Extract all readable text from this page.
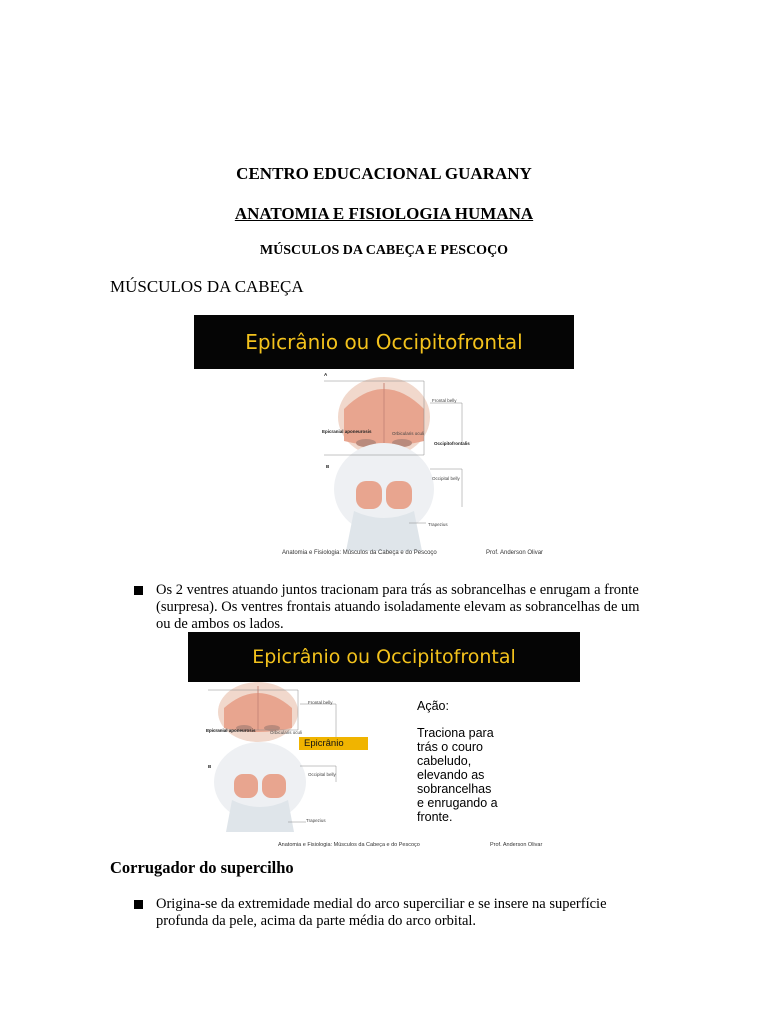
CENTRO EDUCACIONAL GUARANY
ANATOMIA E FISIOLOGIA HUMANA
MÚSCULOS DA CABEÇA E PESCOÇO
MÚSCULOS DA CABEÇA
Epicrânio ou Occipitofrontal
A
Frontal belly
Epicranial aponeurosis	Orbicularis oculi
Occipitofrontalis
B
Occipital belly
Trapezius
Anatomia e Fisiologia: Músculos da Cabeça e do Pescoço	Prof. Anderson Olivar
Os 2 ventres atuando juntos tracionam para trás as sobrancelhas e enrugam a fronte (surpresa). Os ventres frontais atuando isoladamente elevam as sobrancelhas de um ou de ambos os lados.
Epicrânio ou Occipitofrontal
Frontal belly
Epicranial aponeurosis	Orbicularis oculi
B
Occipital belly
Trapezius
Epicrânio
Ação:
Traciona para
trás o couro
cabeludo,
elevando as
sobrancelhas
e enrugando a
fronte.
Anatomia e Fisiologia: Músculos da Cabeça e do Pescoço	Prof. Anderson Olivar
Corrugador do supercilho
Origina-se da extremidade medial do arco superciliar e se insere na superfície profunda da pele, acima da parte média do arco orbital.
